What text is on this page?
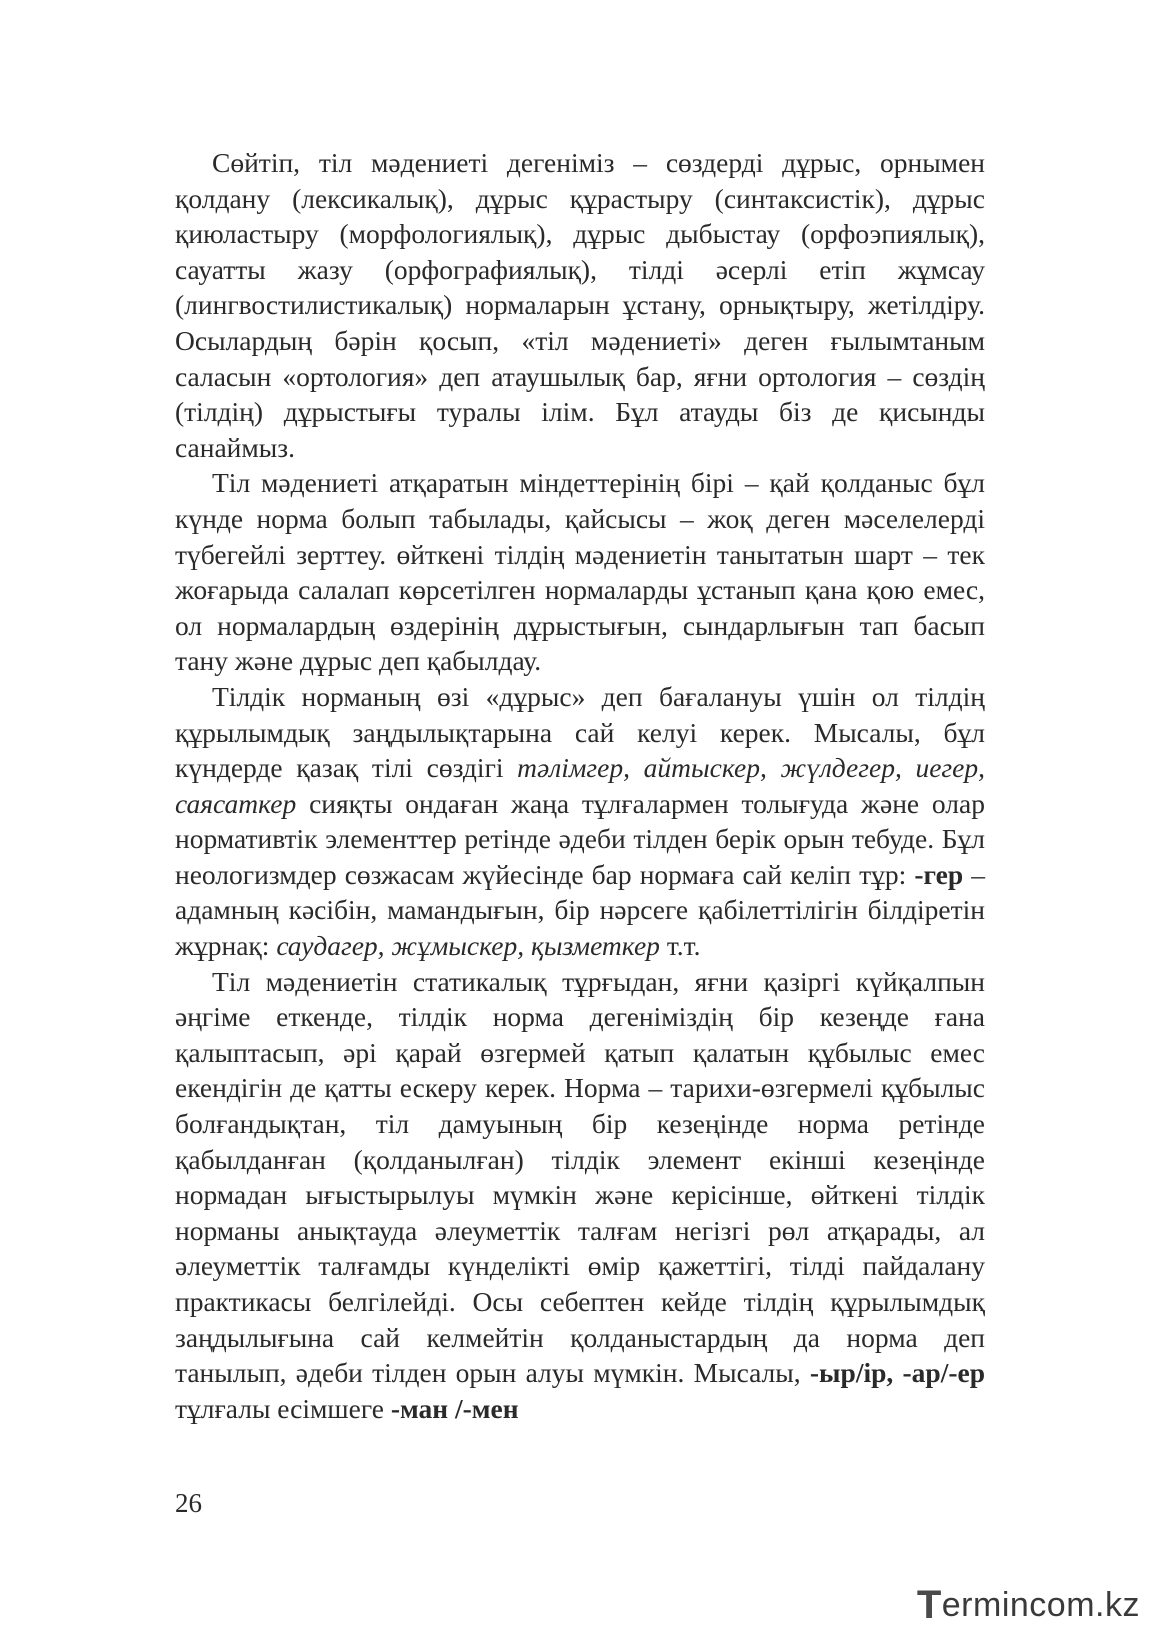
Сөйтіп, тіл мәдениеті дегеніміз – сөздерді дұрыс, орнымен қолдану (лексикалық), дұрыс құрастыру (синтаксистік), дұрыс қиюластыру (морфологиялық), дұрыс дыбыстау (орфоэпиялық), сауатты жазу (орфографиялық), тілді әсерлі етіп жұмсау (лингвостилистикалық) нормаларын ұстану, орнықтыру, жетілдіру. Осылардың бәрін қосып, «тіл мәдениеті» деген ғылымтаным саласын «ортология» деп атаушылық бар, яғни ортология – сөздің (тілдің) дұрыстығы туралы ілім. Бұл атауды біз де қисынды санаймыз.

Тіл мәдениеті атқаратын міндеттерінің бірі – қай қолданыс бұл күнде норма болып табылады, қайсысы – жоқ деген мәселелерді түбегейлі зерттеу. өйткені тілдің мәдениетін танытатын шарт – тек жоғарыда салалап көрсетілген нормаларды ұстанып қана қою емес, ол нормалардың өздерінің дұрыстығын, сындарлығын тап басып тану және дұрыс деп қабылдау.

Тілдік норманың өзі «дұрыс» деп бағалануы үшін ол тілдің құрылымдық заңдылықтарына сай келуі керек. Мысалы, бұл күндерде қазақ тілі сөздігі тәлімгер, айтыскер, жүлдегер, иегер, саясаткер сияқты ондаған жаңа тұлғалармен толығуда және олар нормативтік элементтер ретінде әдеби тілден берік орын тебуде. Бұл неологизмдер сөзжасам жүйесінде бар нормаға сай келіп тұр: -гер – адамның кәсібін, мамандығын, бір нәрсеге қабілеттілігін білдіретін жұрнақ: саудагер, жұмыскер, қызметкер т.т.

Тіл мәдениетін статикалық тұрғыдан, яғни қазіргі күйқалпын әңгіме еткенде, тілдік норма дегеніміздің бір кезеңде ғана қалыптасып, әрі қарай өзгермей қатып қалатын құбылыс емес екендігін де қатты ескеру керек. Норма – тарихи-өзгермелі құбылыс болғандықтан, тіл дамуының бір кезеңінде норма ретінде қабылданған (қолданылған) тілдік элемент екінші кезеңінде нормадан ығыстырылуы мүмкін және керісінше, өйткені тілдік норманы анықтауда әлеуметтік талғам негізгі рөл атқарады, ал әлеуметтік талғамды күнделікті өмір қажеттігі, тілді пайдалану практикасы белгілейді. Осы себептен кейде тілдің құрылымдық заңдылығына сай келмейтін қолданыстардың да норма деп танылып, әдеби тілден орын алуы мүмкін. Мысалы, -ыр/ір, -ар/-ер тұлғалы есімшеге -ман /-мен

26
T erminc o m.kz
